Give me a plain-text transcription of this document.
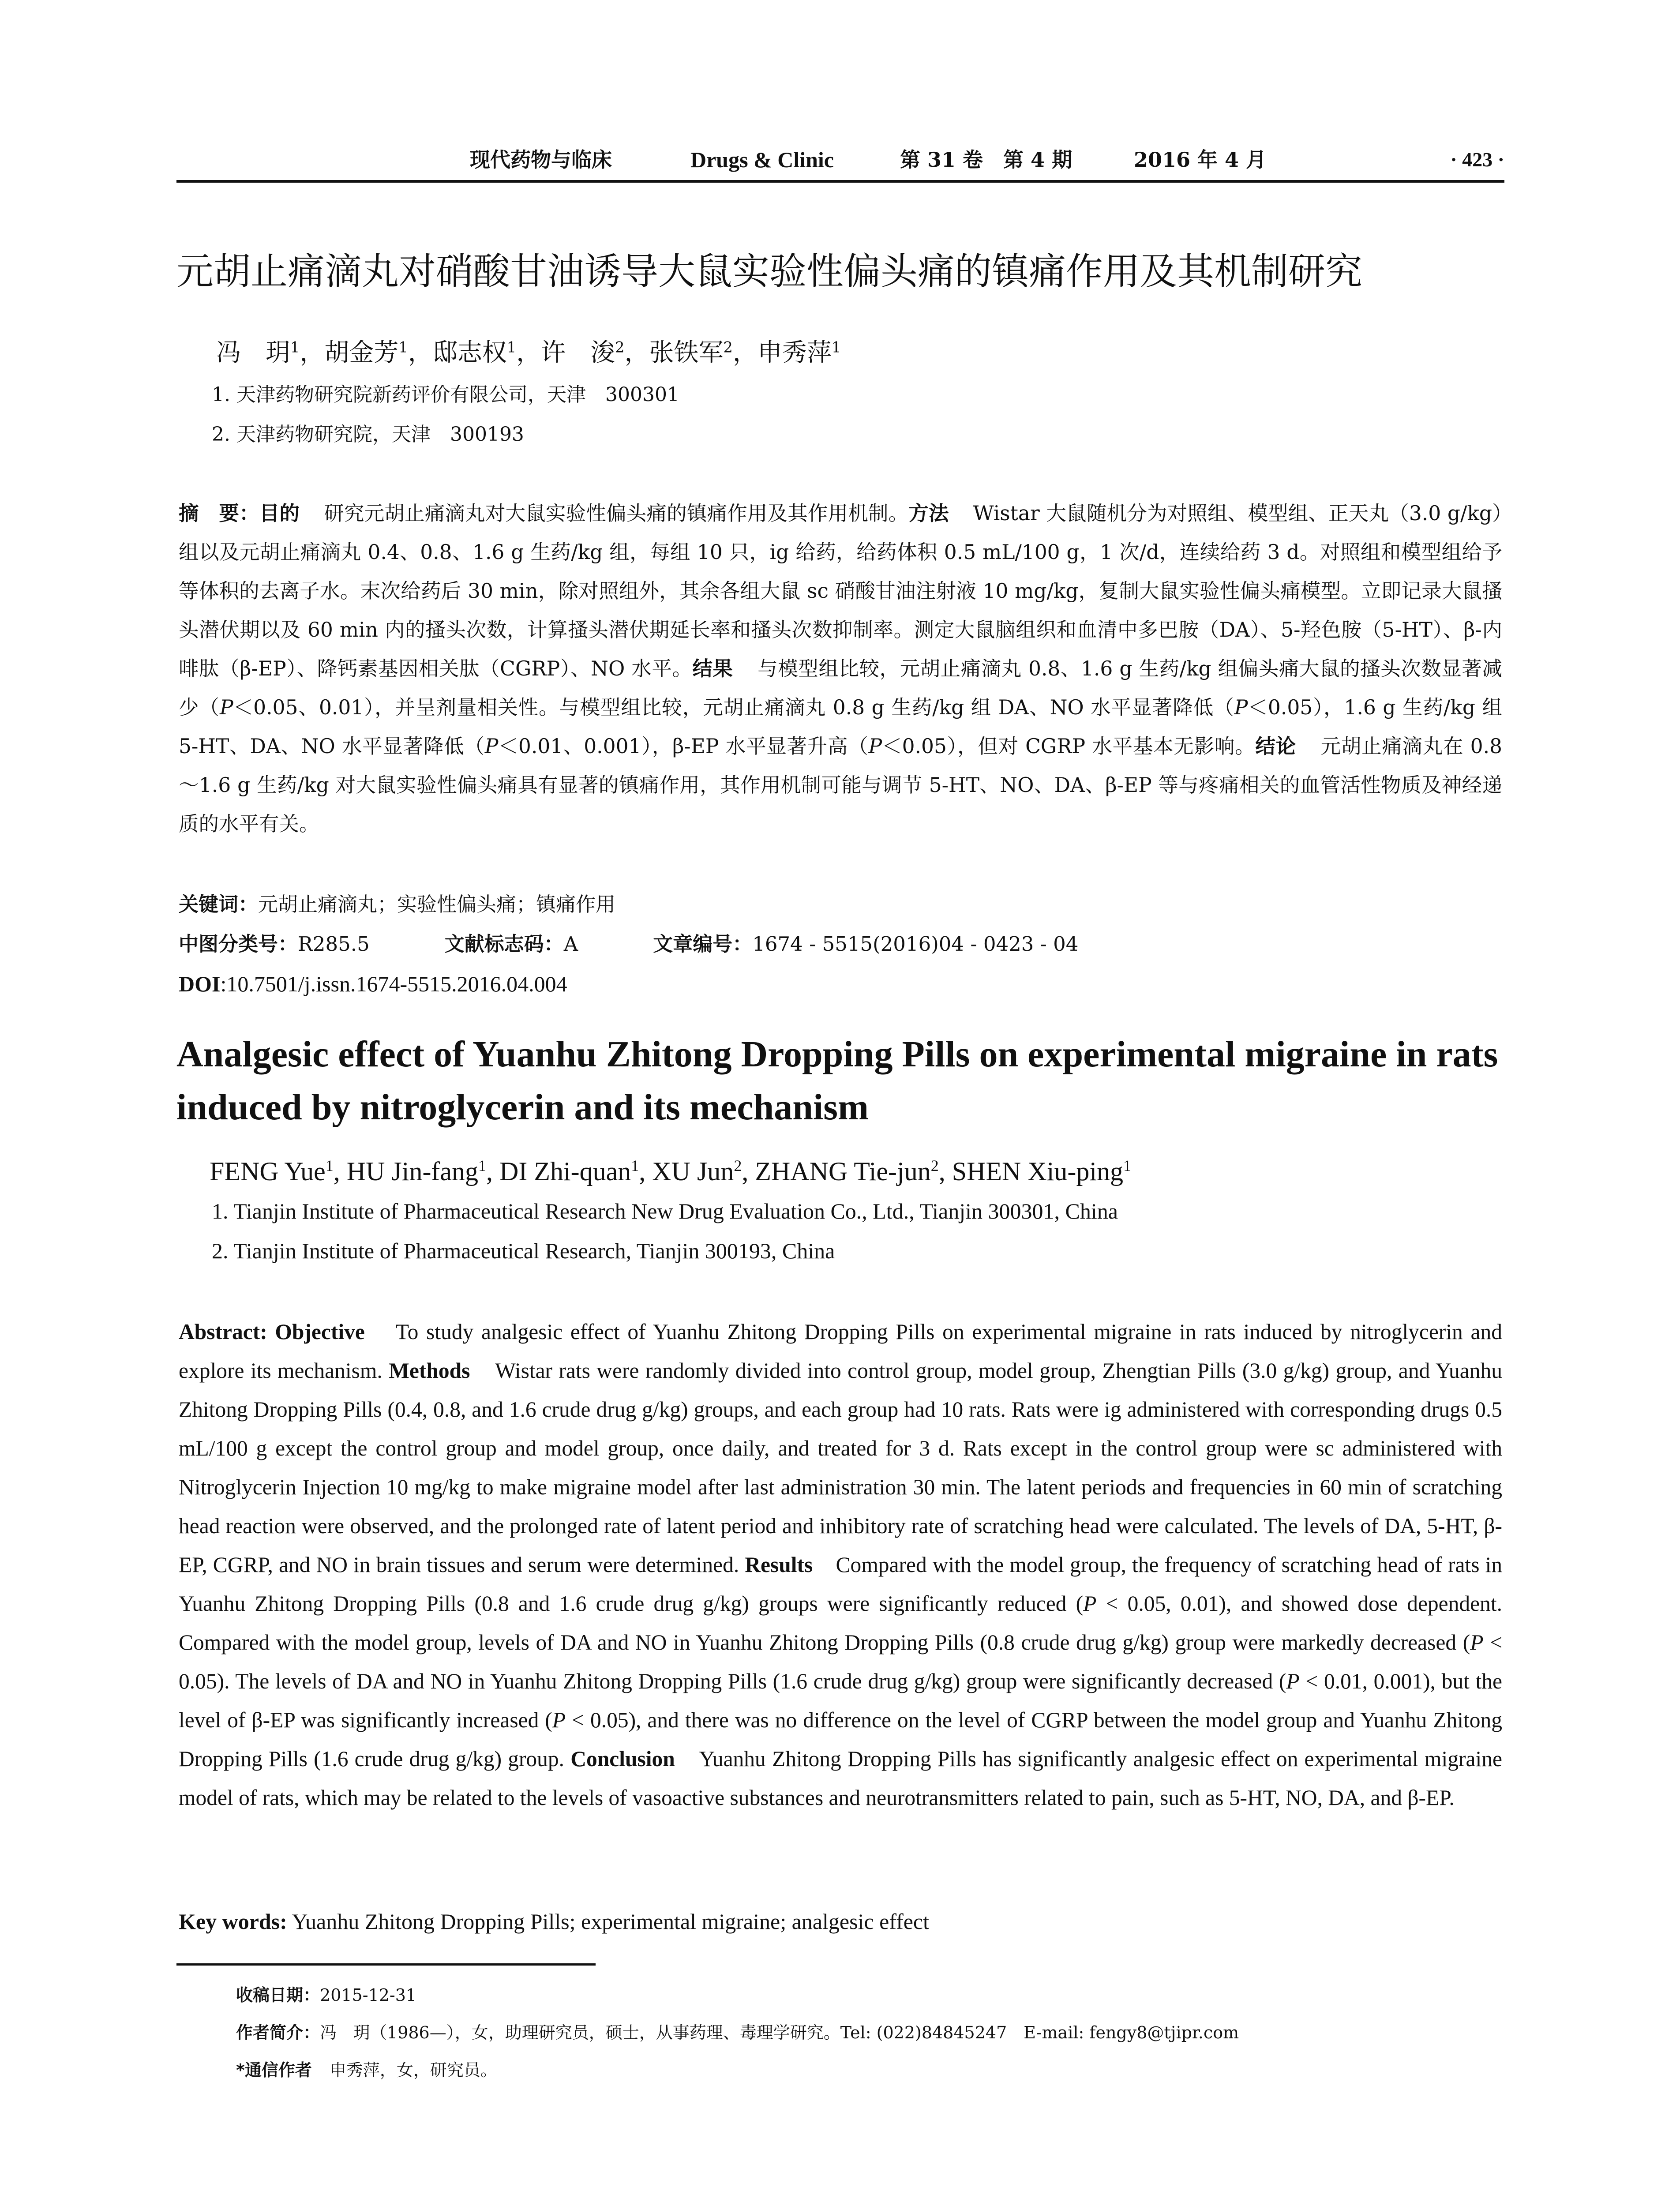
现代药物与临床	Drugs & Clinic	第 31 卷　第 4 期	2016 年 4 月	· 423 ·
元胡止痛滴丸对硝酸甘油诱导大鼠实验性偏头痛的镇痛作用及其机制研究
冯　玥$^1$，胡金芳$^1$，邸志权$^1$，许　浚$^2$，张铁军$^2$，申秀萍$^1$
1. 天津药物研究院新药评价有限公司，天津　300301
2. 天津药物研究院，天津　300193
摘　要：目的 研究元胡止痛滴丸对大鼠实验性偏头痛的镇痛作用及其作用机制。方法 Wistar 大鼠随机分为对照组、模型组、正天丸（3.0 g/kg）组以及元胡止痛滴丸 0.4、0.8、1.6 g 生药/kg 组，每组 10 只，ig 给药，给药体积 0.5 mL/100 g，1 次/d，连续给药 3 d。对照组和模型组给予等体积的去离子水。末次给药后 30 min，除对照组外，其余各组大鼠 sc 硝酸甘油注射液 10 mg/kg，复制大鼠实验性偏头痛模型。立即记录大鼠搔头潜伏期以及 60 min 内的搔头次数，计算搔头潜伏期延长率和搔头次数抑制率。测定大鼠脑组织和血清中多巴胺（DA）、5-羟色胺（5-HT）、β-内啡肽（β-EP）、降钙素基因相关肽（CGRP）、NO 水平。结果 与模型组比较，元胡止痛滴丸 0.8、1.6 g 生药/kg 组偏头痛大鼠的搔头次数显著减少（P＜0.05、0.01），并呈剂量相关性。与模型组比较，元胡止痛滴丸 0.8 g 生药/kg 组 DA、NO 水平显著降低（P＜0.05），1.6 g 生药/kg 组 5-HT、DA、NO 水平显著降低（P＜0.01、0.001），β-EP 水平显著升高（P＜0.05），但对 CGRP 水平基本无影响。结论 元胡止痛滴丸在 0.8～1.6 g 生药/kg 对大鼠实验性偏头痛具有显著的镇痛作用，其作用机制可能与调节 5-HT、NO、DA、β-EP 等与疼痛相关的血管活性物质及神经递质的水平有关。
关键词：元胡止痛滴丸；实验性偏头痛；镇痛作用
中图分类号：R285.5	文献标志码：A	文章编号：1674 - 5515(2016)04 - 0423 - 04
DOI:10.7501/j.issn.1674-5515.2016.04.004
Analgesic effect of Yuanhu Zhitong Dropping Pills on experimental migraine in rats induced by nitroglycerin and its mechanism
FENG Yue$^1$, HU Jin-fang$^1$, DI Zhi-quan$^1$, XU Jun$^2$, ZHANG Tie-jun$^2$, SHEN Xiu-ping$^1$
1. Tianjin Institute of Pharmaceutical Research New Drug Evaluation Co., Ltd., Tianjin 300301, China
2. Tianjin Institute of Pharmaceutical Research, Tianjin 300193, China
Abstract: Objective To study analgesic effect of Yuanhu Zhitong Dropping Pills on experimental migraine in rats induced by nitroglycerin and explore its mechanism. Methods Wistar rats were randomly divided into control group, model group, Zhengtian Pills (3.0 g/kg) group, and Yuanhu Zhitong Dropping Pills (0.4, 0.8, and 1.6 crude drug g/kg) groups, and each group had 10 rats. Rats were ig administered with corresponding drugs 0.5 mL/100 g except the control group and model group, once daily, and treated for 3 d. Rats except in the control group were sc administered with Nitroglycerin Injection 10 mg/kg to make migraine model after last administration 30 min. The latent periods and frequencies in 60 min of scratching head reaction were observed, and the prolonged rate of latent period and inhibitory rate of scratching head were calculated. The levels of DA, 5-HT, β-EP, CGRP, and NO in brain tissues and serum were determined. Results Compared with the model group, the frequency of scratching head of rats in Yuanhu Zhitong Dropping Pills (0.8 and 1.6 crude drug g/kg) groups were significantly reduced (P < 0.05, 0.01), and showed dose dependent. Compared with the model group, levels of DA and NO in Yuanhu Zhitong Dropping Pills (0.8 crude drug g/kg) group were markedly decreased (P < 0.05). The levels of DA and NO in Yuanhu Zhitong Dropping Pills (1.6 crude drug g/kg) group were significantly decreased (P < 0.01, 0.001), but the level of β-EP was significantly increased (P < 0.05), and there was no difference on the level of CGRP between the model group and Yuanhu Zhitong Dropping Pills (1.6 crude drug g/kg) group. Conclusion Yuanhu Zhitong Dropping Pills has significantly analgesic effect on experimental migraine model of rats, which may be related to the levels of vasoactive substances and neurotransmitters related to pain, such as 5-HT, NO, DA, and β-EP.
Key words: Yuanhu Zhitong Dropping Pills; experimental migraine; analgesic effect
收稿日期：2015-12-31
作者简介：冯　玥（1986—），女，助理研究员，硕士，从事药理、毒理学研究。Tel: (022)84845247　E-mail: fengy8@tjipr.com
*通信作者 申秀萍，女，研究员。
